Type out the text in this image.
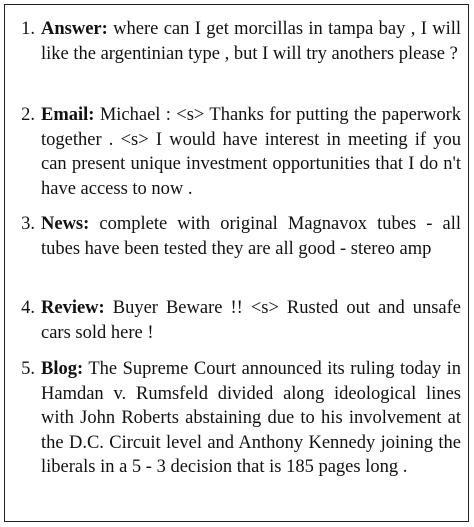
1. Answer: where can I get morcillas in tampa bay , I will like the argentinian type , but I will try anothers please ?
2. Email: Michael : <s> Thanks for putting the paperwork together . <s> I would have interest in meeting if you can present unique investment opportunities that I do n't have access to now .
3. News: complete with original Magnavox tubes - all tubes have been tested they are all good - stereo amp
4. Review: Buyer Beware !! <s> Rusted out and unsafe cars sold here !
5. Blog: The Supreme Court announced its ruling today in Hamdan v. Rumsfeld divided along ideological lines with John Roberts abstaining due to his involvement at the D.C. Circuit level and Anthony Kennedy joining the liberals in a 5 - 3 decision that is 185 pages long .
